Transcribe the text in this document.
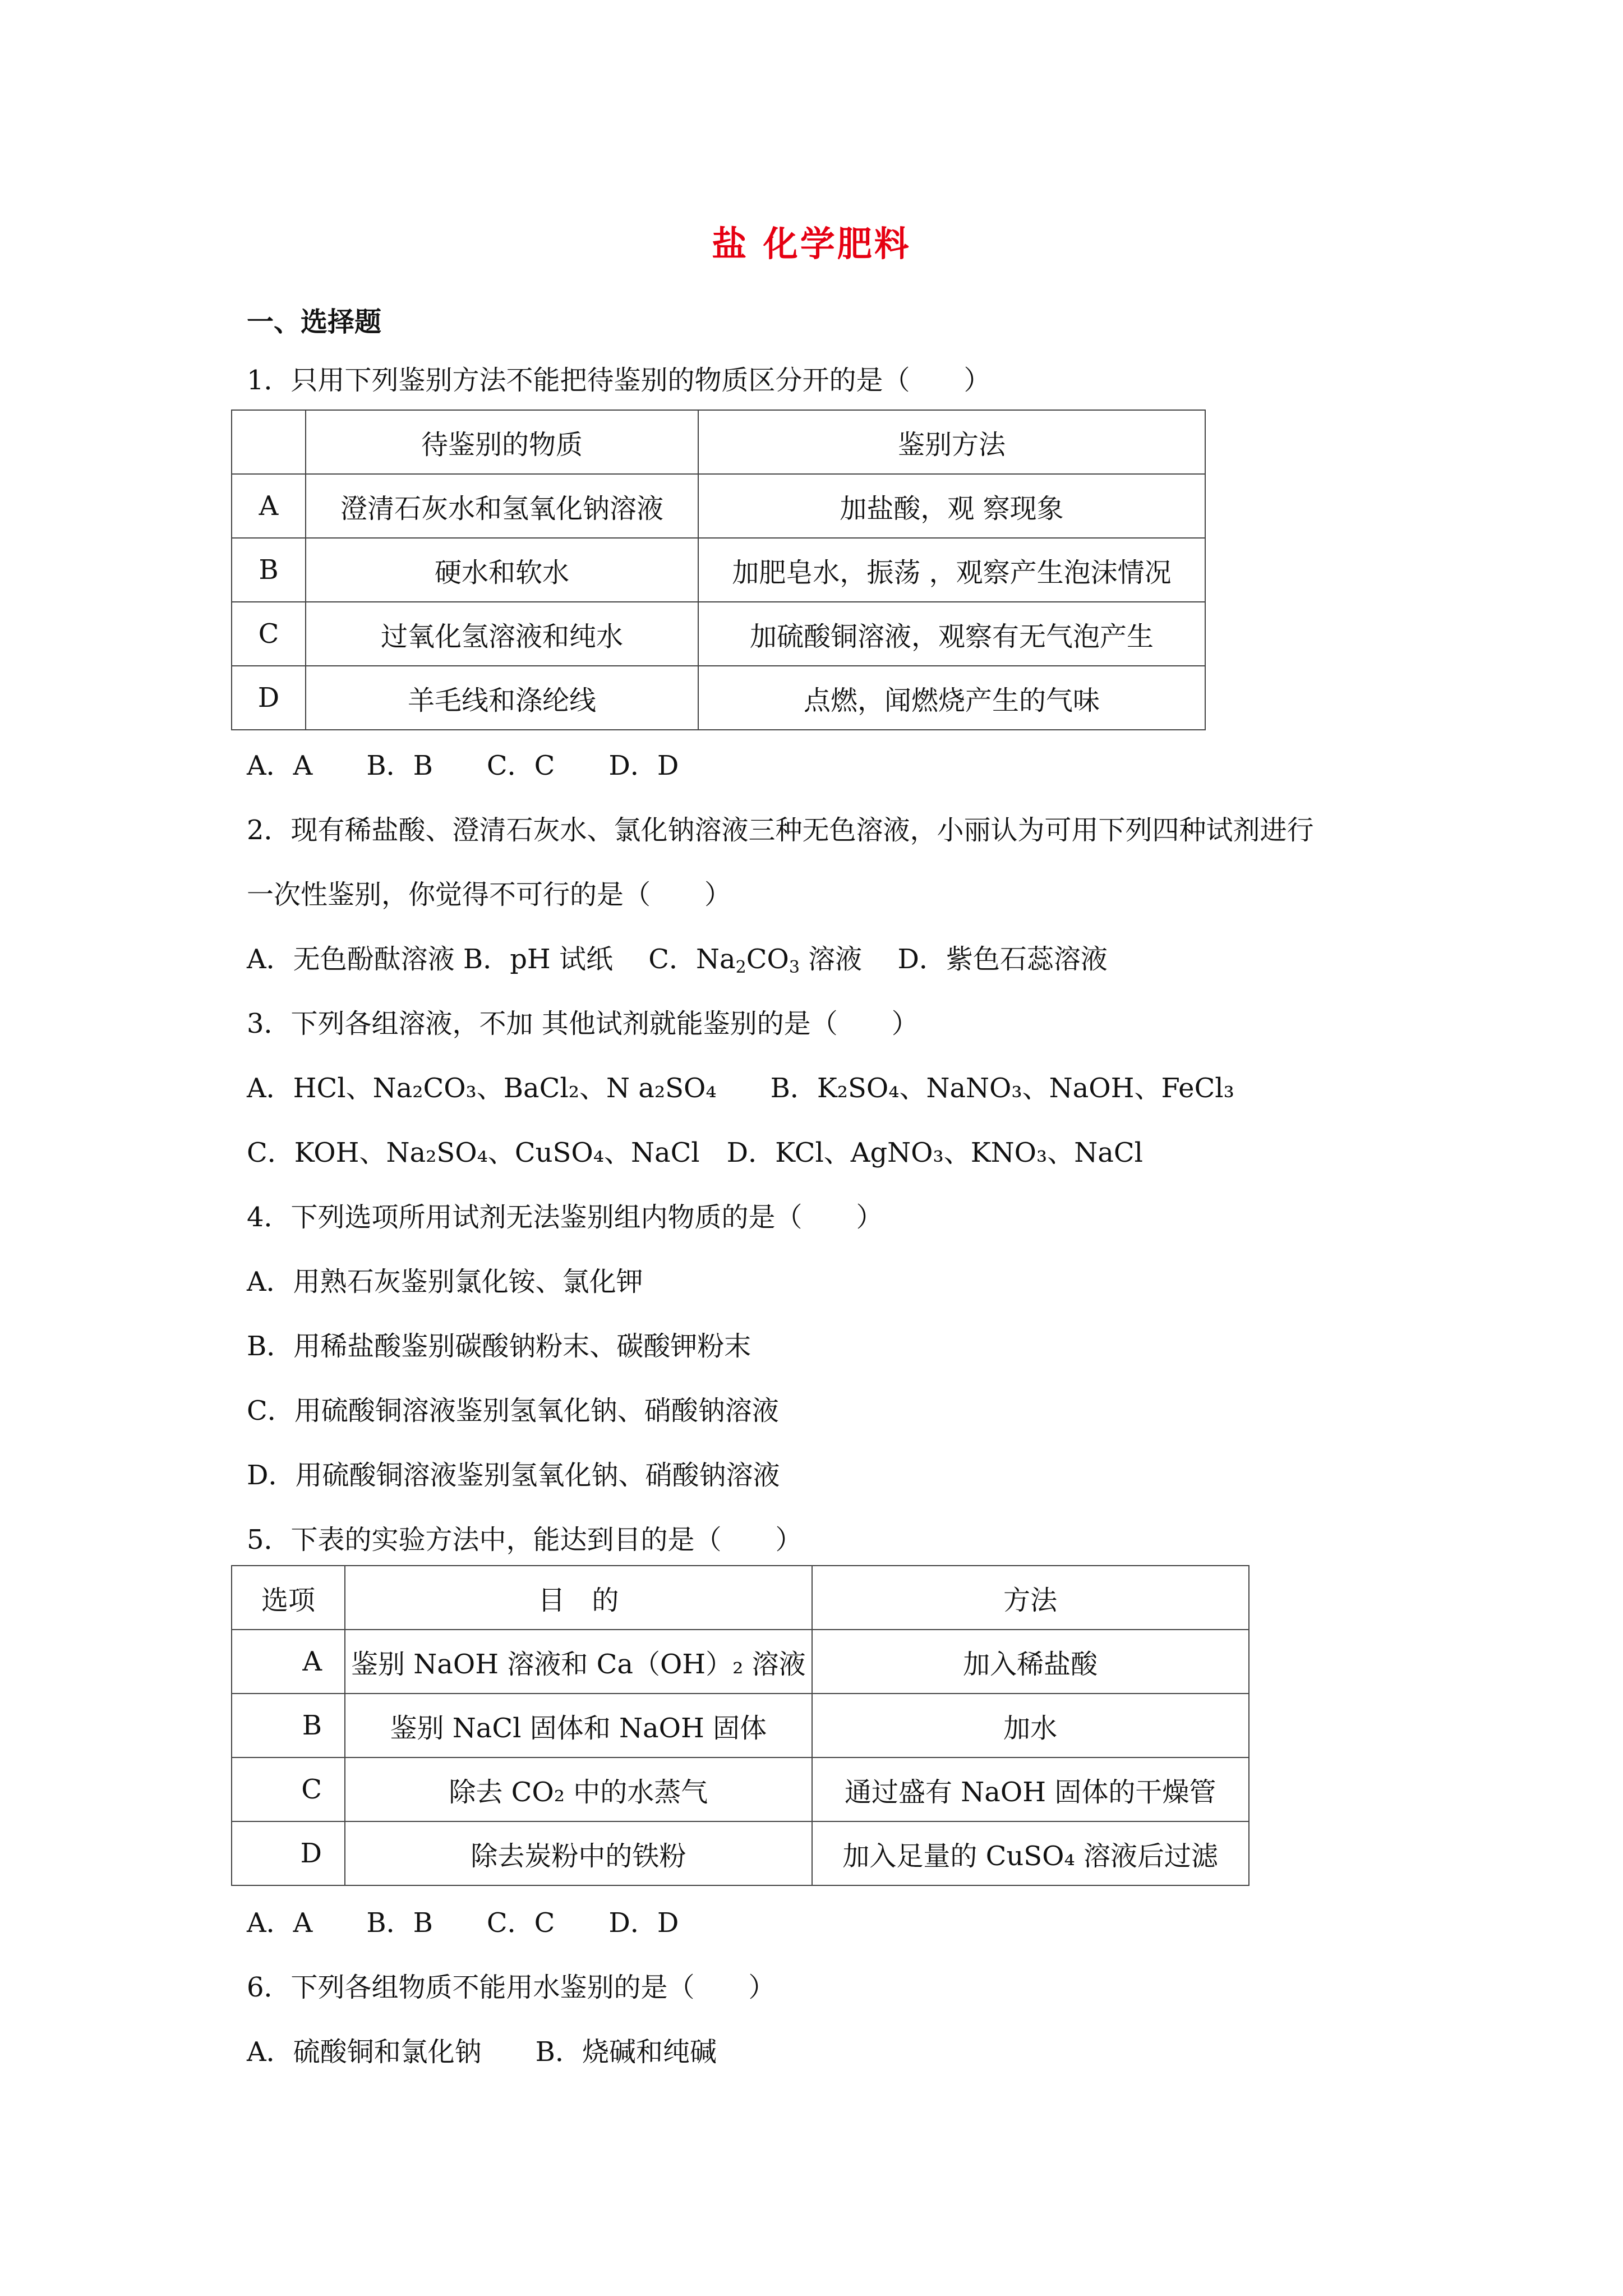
盐 化学肥料
一、选择题
1．只用下列鉴别方法不能把待鉴别的物质区分开的是（　　）
	待鉴别的物质	鉴别方法
A	澄清石灰水和氢氧化钠溶液	加盐酸，观 察现象
B	硬水和软水	加肥皂水，振荡 ，观察产生泡沫情况
C	过氧化氢溶液和纯水	加硫酸铜溶液，观察有无气泡产生
D	羊毛线和涤纶线	点燃，闻燃烧产生的气味
A．A　　B．B　　C．C　　D．D
2．现有稀盐酸、澄清石灰水、氯化钠溶液三种无色溶液，小丽认为可用下列四种试剂进行
一次性鉴别，你觉得不可行的是（　　）
A．无色酚酞溶液 B．pH 试纸　 C．$Na_2CO_3$ 溶液　 D．紫色石蕊溶液
3．下列各组溶液，不加 其他试剂就能鉴别的是（　　）
A．HCl、Na₂CO₃、BaCl₂、N a₂SO₄　　B．K₂SO₄、NaNO₃、NaOH、FeCl₃
C．KOH、Na₂SO₄、CuSO₄、NaCl　D．KCl、AgNO₃、KNO₃、NaCl
4．下列选项所用试剂无法鉴别组内物质的是（　　）
A．用熟石灰鉴别氯化铵、氯化钾
B．用稀盐酸鉴别碳酸钠粉末、碳酸钾粉末
C．用硫酸铜溶液鉴别氢氧化钠、硝酸钠溶液
D．用硫酸铜溶液鉴别氢氧化钠、硝酸钠溶液
5．下表的实验方法中，能达到目的是（　　）
选项	目　的	方法
A	鉴别 NaOH 溶液和 Ca（OH）₂ 溶液	加入稀盐酸
B	鉴别 NaCl 固体和 NaOH 固体	加水
C	除去 CO₂ 中的水蒸气	通过盛有 NaOH 固体的干燥管
D	除去炭粉中的铁粉	加入足量的 CuSO₄ 溶液后过滤
A．A　　B．B　　C．C　　D．D
6．下列各组物质不能用水鉴别的是（　　）
A．硫酸铜和氯化钠　　B．烧碱和纯碱
